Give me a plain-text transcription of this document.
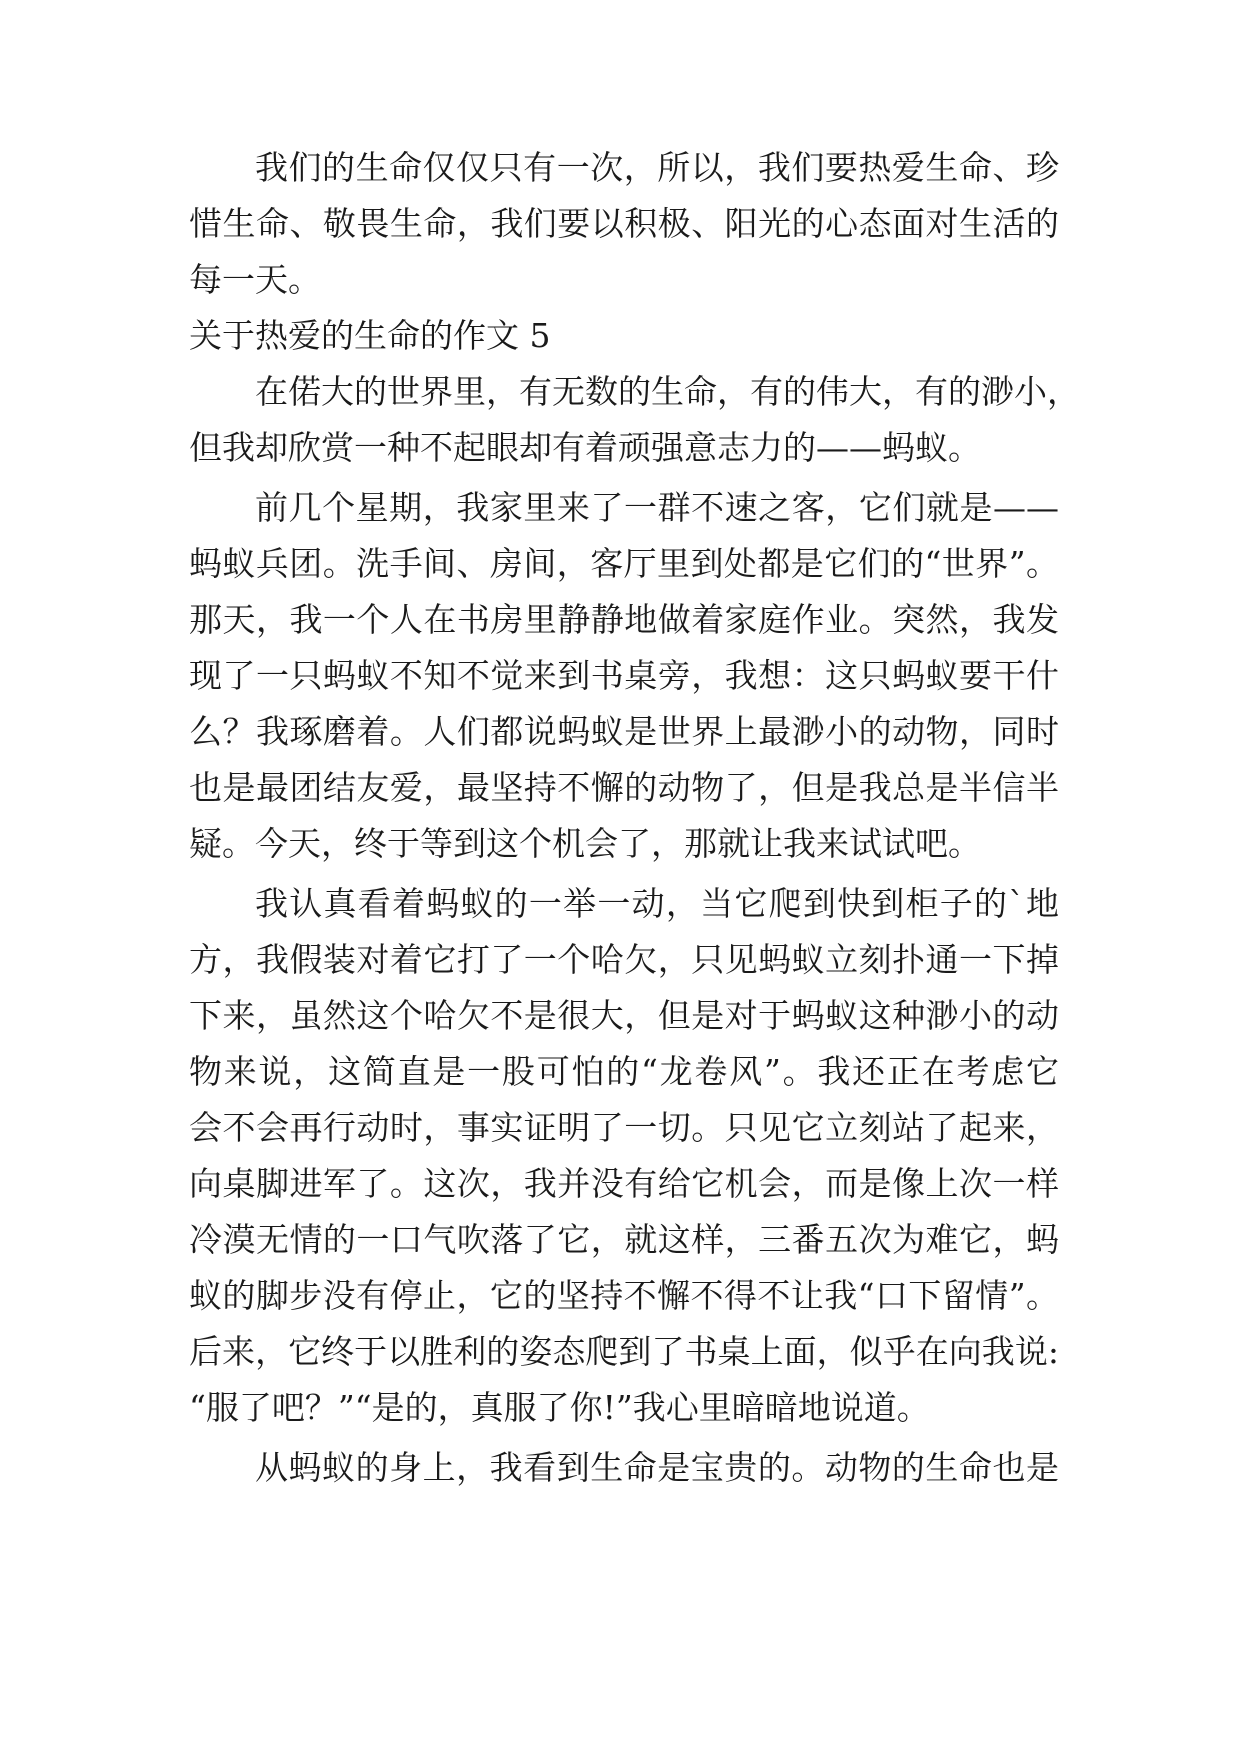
我们的生命仅仅只有一次，所以，我们要热爱生命、珍
惜生命、敬畏生命，我们要以积极、阳光的心态面对生活的
每一天。
关于热爱的生命的作文 5
在偌大的世界里，有无数的生命，有的伟大，有的渺小，
但我却欣赏一种不起眼却有着顽强意志力的——蚂蚁。
前几个星期，我家里来了一群不速之客，它们就是——
蚂蚁兵团。洗手间、房间，客厅里到处都是它们的“世界”。
那天，我一个人在书房里静静地做着家庭作业。突然，我发
现了一只蚂蚁不知不觉来到书桌旁，我想：这只蚂蚁要干什
么？我琢磨着。人们都说蚂蚁是世界上最渺小的动物，同时
也是最团结友爱，最坚持不懈的动物了，但是我总是半信半
疑。今天，终于等到这个机会了，那就让我来试试吧。
我认真看着蚂蚁的一举一动，当它爬到快到柜子的`地
方，我假装对着它打了一个哈欠，只见蚂蚁立刻扑通一下掉
下来，虽然这个哈欠不是很大，但是对于蚂蚁这种渺小的动
物来说，这简直是一股可怕的“龙卷风”。我还正在考虑它
会不会再行动时，事实证明了一切。只见它立刻站了起来，
向桌脚进军了。这次，我并没有给它机会，而是像上次一样
冷漠无情的一口气吹落了它，就这样，三番五次为难它，蚂
蚁的脚步没有停止，它的坚持不懈不得不让我“口下留情”。
后来，它终于以胜利的姿态爬到了书桌上面，似乎在向我说:
“服了吧？”“是的，真服了你!”我心里暗暗地说道。
从蚂蚁的身上，我看到生命是宝贵的。动物的生命也是
